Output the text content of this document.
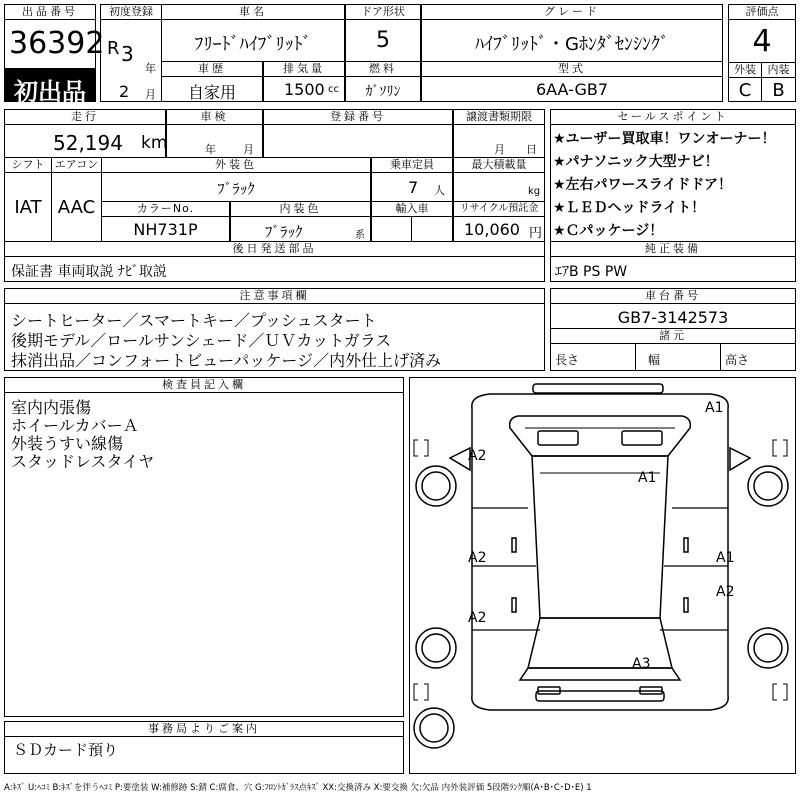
出品番号
36392
初出品
初度登録
R 3
年
2 月
車名
ﾌﾘｰﾄﾞﾊｲﾌﾞﾘｯﾄﾞ
ドア形状
5
グレード
ﾊｲﾌﾞﾘｯﾄﾞ・Gﾎﾝﾀﾞｾﾝｼﾝｸﾞ
車歴
自家用
排気量
1500 cc
燃料
ｶﾞｿﾘﾝ
型式
6AA-GB7
評価点
4
外装	内装
C	B
走行
52,194 km
車検
年 月
登録番号	譲渡書類期限
月 日
シフト エアコン
IAT AAC
外装色
ﾌﾞﾗｯｸ
乗車定員
7 人
最大積載量
kg
カラーNo.
NH731P
内装色
ﾌﾞﾗｯｸ	系
輸入車	リサイクル預託金
10,060 円
後日発送部品
保証書 車両取説 ﾅﾋﾞ取説
セールスポイント
★ユーザー買取車！ワンオーナー！
★パナソニック大型ナビ！
★左右パワースライドドア！
★ＬＥＤヘッドライト！
★Ｃパッケージ！
純正装備
ｴｱB PS PW
注意事項欄
シートヒーター／スマートキー／プッシュスタート
後期モデル／ロールサンシェード／ＵＶカットガラス
抹消出品／コンフォートビューパッケージ／内外仕上げ済み
車台番号
GB7-3142573
諸元
長さ	幅	高さ
検査員記入欄
室内内張傷
ホイールカバーＡ
外装うすい線傷
スタッドレスタイヤ
事務局よりご案内
ＳＤカード預り
A:ｷｽﾞ U:ﾍｺﾐ B:ｷｽﾞを伴うﾍｺﾐ P:要塗装 W:補修跡 S:錆 C:腐食、穴 G:ﾌﾛﾝﾄｶﾞﾗｽ点ｷｽﾞ XX:交換済み X:要交換 欠:欠品 内外装評価 5段階ﾗﾝｸ順(A･B･C･D･E) 1
A1
A2
A1
A2	A1
A2
A2
A3
